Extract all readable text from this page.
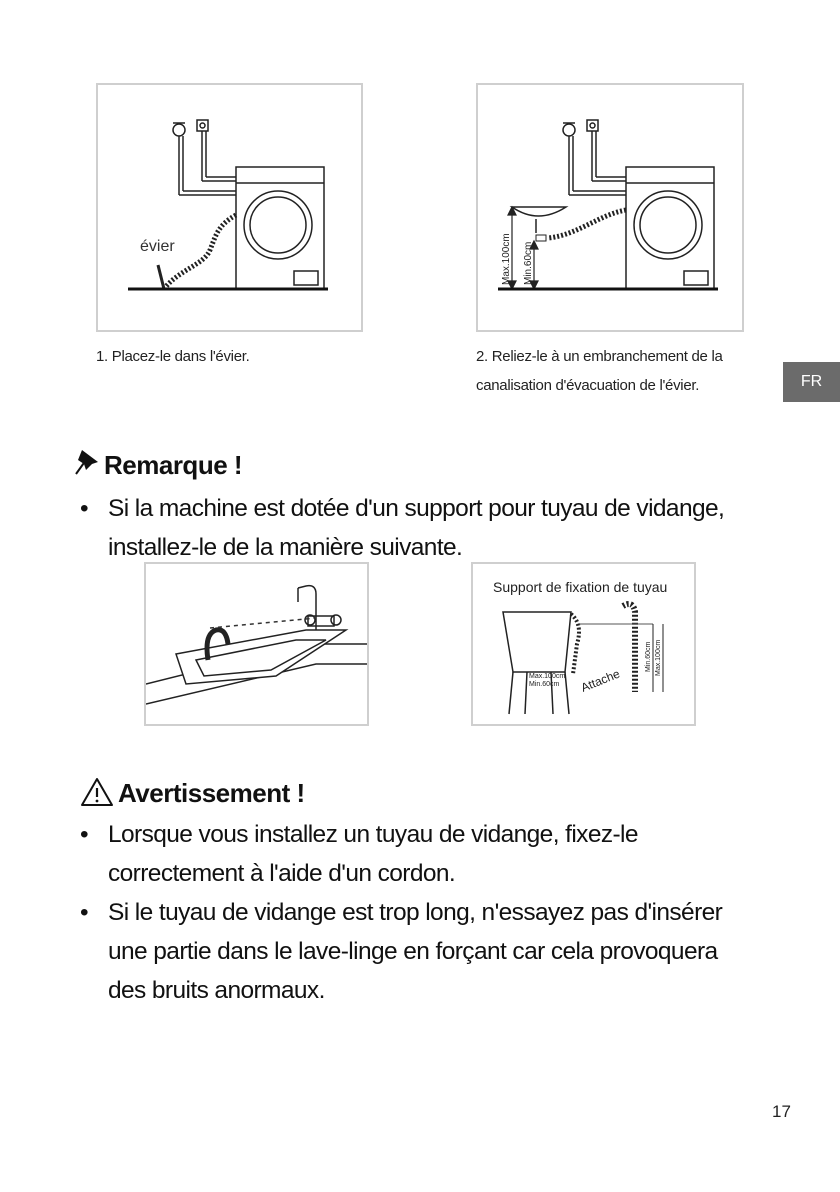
évier
1. Placez-le dans l'évier.
Max.100cm Min.60cm
2. Reliez-le à un embranchement de la
canalisation d'évacuation de l'évier.	FR
Remarque !
• Si la machine est dotée d'un support pour tuyau de vidange,
installez-le de la manière suivante.
Support de fixation de tuyau
Max.100cm
Min.60cm Attache
Min.60cm Max.100cm
Avertissement !
• Lorsque vous installez un tuyau de vidange, fixez-le
correctement à l'aide d'un cordon.
• Si le tuyau de vidange est trop long, n'essayez pas d'insérer
une partie dans le lave-linge en forçant car cela provoquera
des bruits anormaux.
17
